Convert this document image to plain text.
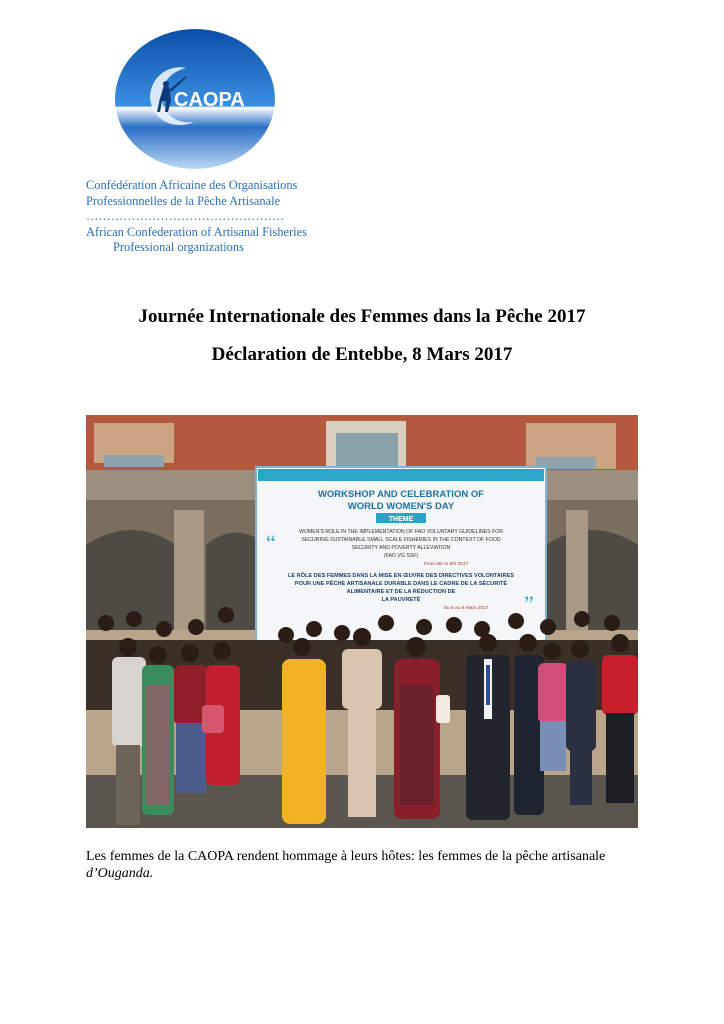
CAOPA
Confédération Africaine des Organisations
Professionnelles de la Pêche Artisanale
…………………………………………
African Confederation of Artisanal Fisheries
Professional organizations
Journée Internationale des Femmes dans la Pêche 2017
Déclaration de Entebbe, 8 Mars 2017
WORKSHOP AND CELEBRATION OF
WORLD WOMEN'S DAY
THEME
WOMEN'S ROLE IN THE IMPLEMENTATION OF FAO VOLUNTARY GUIDELINES FOR
SECURING SUSTAINABLE SMALL SCALE FISHERIES IN THE CONTEXT OF FOOD
SECURITY AND POVERTY ALLEVIATION
(FAO VG SSF)
From 6th to 8th 2017
LE RÔLE DES FEMMES DANS LA MISE EN ŒUVRE DES DIRECTIVES VOLONTAIRES
POUR UNE PÊCHE ARTISANALE DURABLE DANS LE CADRE DE LA SÉCURITÉ
ALIMENTAIRE ET DE LA RÉDUCTION DE
LA PAUVRETÉ
Du 6 au 8 Mars 2017
“
”
Les femmes de la CAOPA rendent hommage à leurs hôtes: les femmes de la pêche artisanale
d’Ouganda.
